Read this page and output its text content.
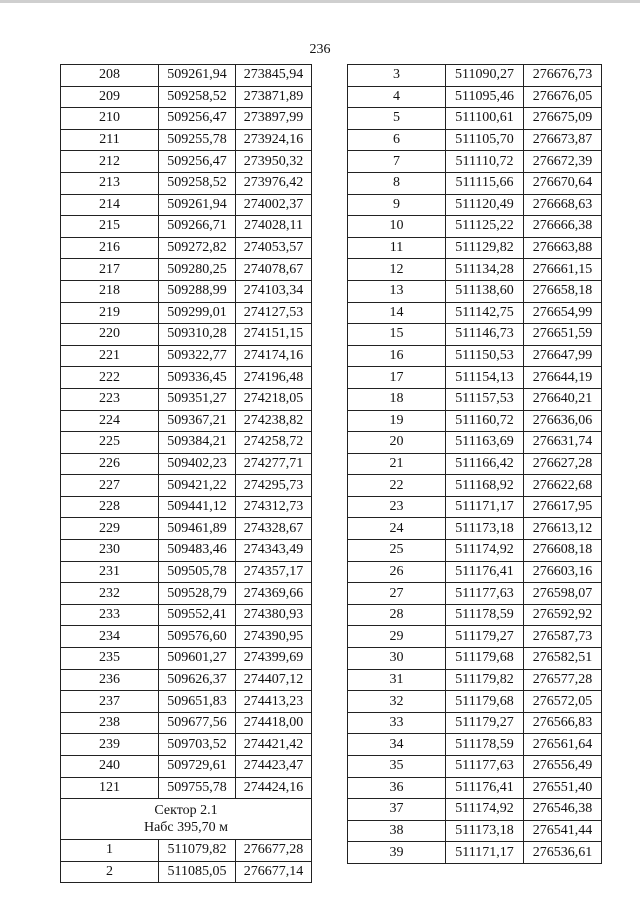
236
208	509261,94	273845,94
209	509258,52	273871,89
210	509256,47	273897,99
211	509255,78	273924,16
212	509256,47	273950,32
213	509258,52	273976,42
214	509261,94	274002,37
215	509266,71	274028,11
216	509272,82	274053,57
217	509280,25	274078,67
218	509288,99	274103,34
219	509299,01	274127,53
220	509310,28	274151,15
221	509322,77	274174,16
222	509336,45	274196,48
223	509351,27	274218,05
224	509367,21	274238,82
225	509384,21	274258,72
226	509402,23	274277,71
227	509421,22	274295,73
228	509441,12	274312,73
229	509461,89	274328,67
230	509483,46	274343,49
231	509505,78	274357,17
232	509528,79	274369,66
233	509552,41	274380,93
234	509576,60	274390,95
235	509601,27	274399,69
236	509626,37	274407,12
237	509651,83	274413,23
238	509677,56	274418,00
239	509703,52	274421,42
240	509729,61	274423,47
121	509755,78	274424,16
Сектор 2.1
Набс 395,70 м		
1	511079,82	276677,28
2	511085,05	276677,14
3	511090,27	276676,73
4	511095,46	276676,05
5	511100,61	276675,09
6	511105,70	276673,87
7	511110,72	276672,39
8	511115,66	276670,64
9	511120,49	276668,63
10	511125,22	276666,38
11	511129,82	276663,88
12	511134,28	276661,15
13	511138,60	276658,18
14	511142,75	276654,99
15	511146,73	276651,59
16	511150,53	276647,99
17	511154,13	276644,19
18	511157,53	276640,21
19	511160,72	276636,06
20	511163,69	276631,74
21	511166,42	276627,28
22	511168,92	276622,68
23	511171,17	276617,95
24	511173,18	276613,12
25	511174,92	276608,18
26	511176,41	276603,16
27	511177,63	276598,07
28	511178,59	276592,92
29	511179,27	276587,73
30	511179,68	276582,51
31	511179,82	276577,28
32	511179,68	276572,05
33	511179,27	276566,83
34	511178,59	276561,64
35	511177,63	276556,49
36	511176,41	276551,40
37	511174,92	276546,38
38	511173,18	276541,44
39	511171,17	276536,61
